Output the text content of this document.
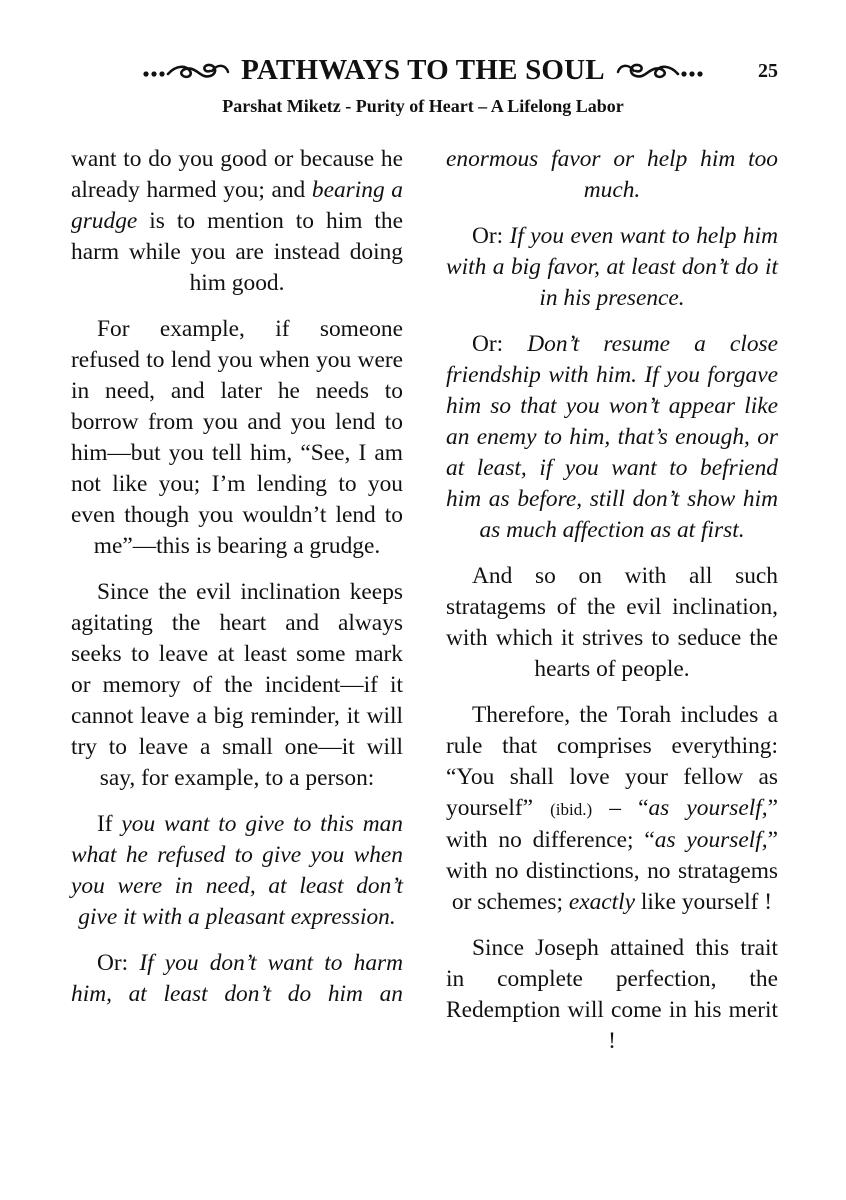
PATHWAYS TO THE SOUL	25
Parshat Miketz - Purity of Heart – A Lifelong Labor

want to do you good or because he already harmed you; and bearing a grudge is to mention to him the harm while you are instead doing him good.

For example, if someone refused to lend you when you were in need, and later he needs to borrow from you and you lend to him—but you tell him, “See, I am not like you; I’m lending to you even though you wouldn’t lend to me”—this is bearing a grudge.

Since the evil inclination keeps agitating the heart and always seeks to leave at least some mark or memory of the incident—if it cannot leave a big reminder, it will try to leave a small one—it will say, for example, to a person:

If you want to give to this man what he refused to give you when you were in need, at least don’t give it with a pleasant expression.

Or: If you don’t want to harm him, at least don’t do him an

enormous favor or help him too much.

Or: If you even want to help him with a big favor, at least don’t do it in his presence.

Or: Don’t resume a close friendship with him. If you forgave him so that you won’t appear like an enemy to him, that’s enough, or at least, if you want to befriend him as before, still don’t show him as much affection as at first.

And so on with all such stratagems of the evil inclination, with which it strives to seduce the hearts of people.

Therefore, the Torah includes a rule that comprises everything: “You shall love your fellow as yourself” (ibid.) – “as yourself,” with no difference; “as yourself,” with no distinctions, no stratagems or schemes; exactly like yourself !

Since Joseph attained this trait in complete perfection, the Redemption will come in his merit !
